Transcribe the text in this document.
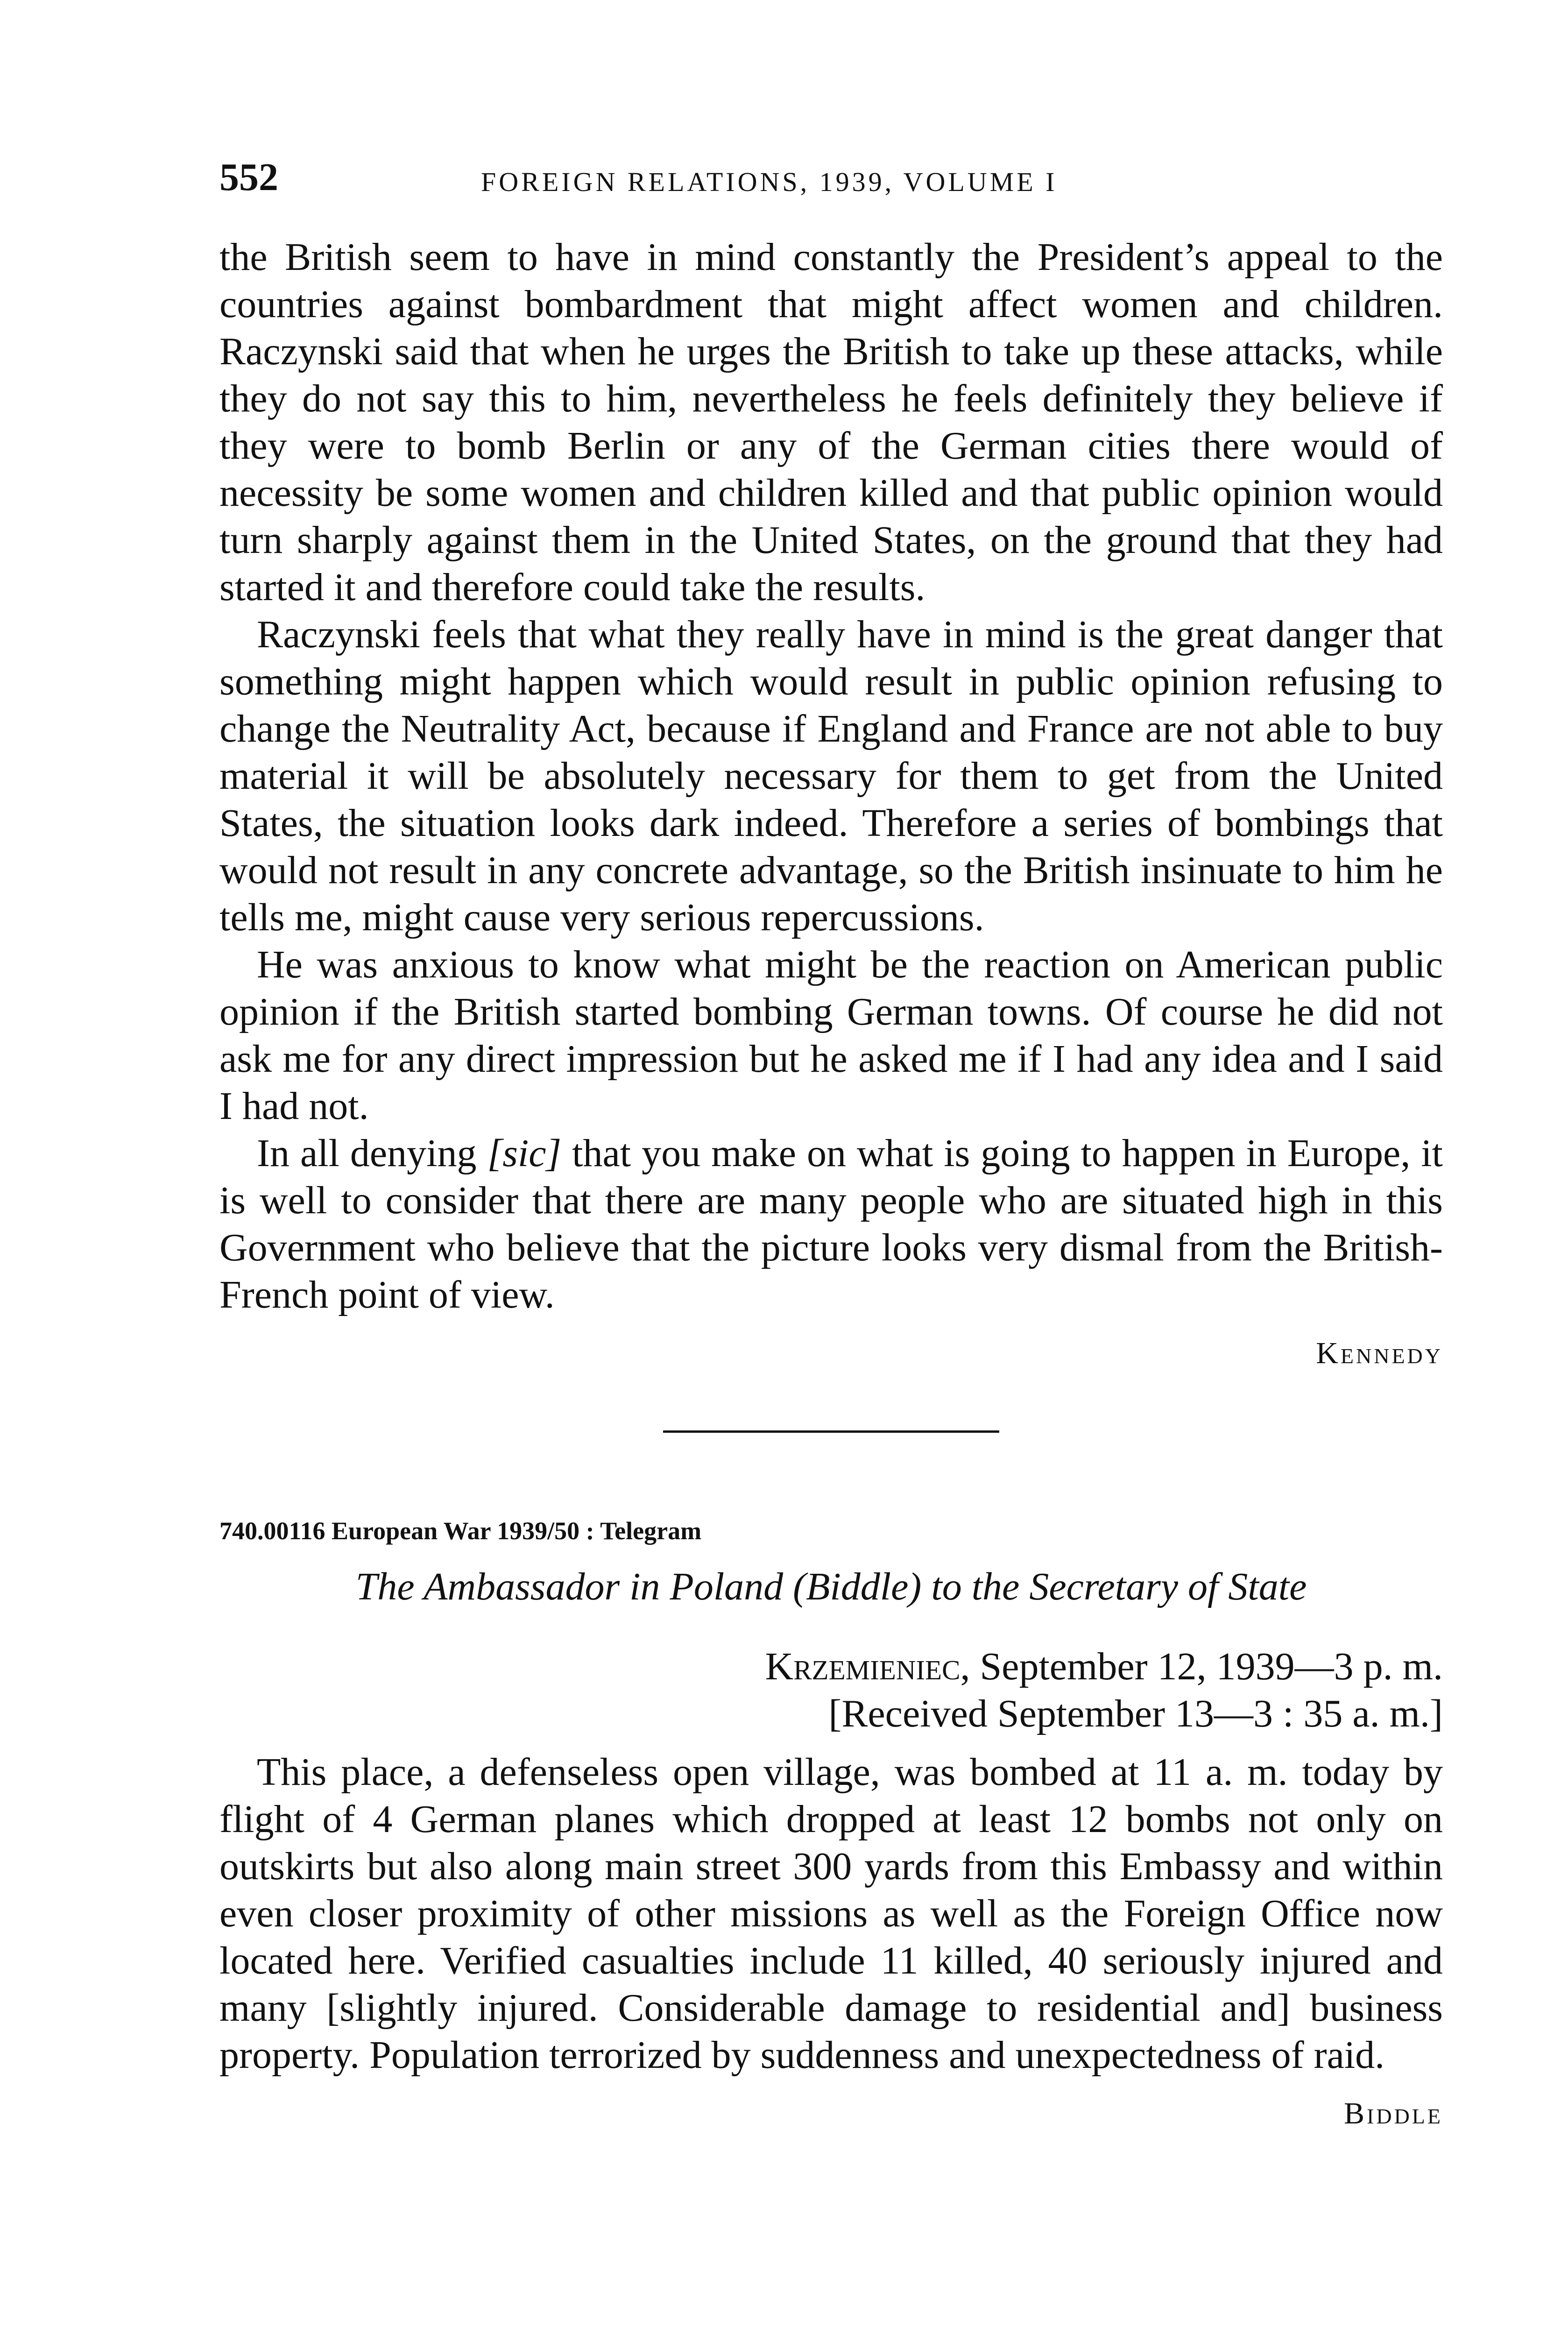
552	FOREIGN RELATIONS, 1939, VOLUME I

the British seem to have in mind constantly the President’s appeal to the countries against bombardment that might affect women and children. Raczynski said that when he urges the British to take up these attacks, while they do not say this to him, nevertheless he feels definitely they believe if they were to bomb Berlin or any of the German cities there would of necessity be some women and children killed and that public opinion would turn sharply against them in the United States, on the ground that they had started it and therefore could take the results.

Raczynski feels that what they really have in mind is the great danger that something might happen which would result in public opinion refusing to change the Neutrality Act, because if England and France are not able to buy material it will be absolutely necessary for them to get from the United States, the situation looks dark indeed. Therefore a series of bombings that would not result in any concrete advantage, so the British insinuate to him he tells me, might cause very serious repercussions.

He was anxious to know what might be the reaction on American public opinion if the British started bombing German towns. Of course he did not ask me for any direct impression but he asked me if I had any idea and I said I had not.

In all denying [sic] that you make on what is going to happen in Europe, it is well to consider that there are many people who are situated high in this Government who believe that the picture looks very dismal from the British-French point of view.

Kennedy

740.00116 European War 1939/50 : Telegram

The Ambassador in Poland (Biddle) to the Secretary of State

Krzemieniec, September 12, 1939—3 p. m.

[Received September 13—3 : 35 a. m.]

This place, a defenseless open village, was bombed at 11 a. m. today by flight of 4 German planes which dropped at least 12 bombs not only on outskirts but also along main street 300 yards from this Embassy and within even closer proximity of other missions as well as the Foreign Office now located here. Verified casualties include 11 killed, 40 seriously injured and many [slightly injured. Considerable damage to residential and] business property. Population terrorized by suddenness and unexpectedness of raid.

Biddle
